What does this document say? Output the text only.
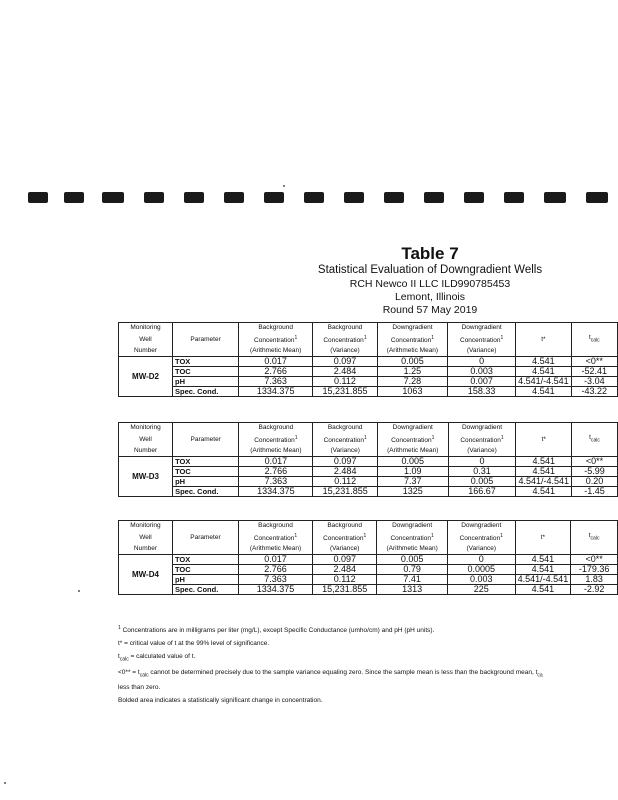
Table 7
Statistical Evaluation of Downgradient Wells
RCH Newco II LLC ILD990785453
Lemont, Illinois
Round 57 May 2019
Monitoring		Background	Background	Downgradient	Downgradient		
Well	Parameter	Concentration$^1$	Concentration$^1$	Concentration$^1$	Concentration$^1$	t*	$t_{calc}$
Number		(Arithmetic Mean)	(Variance)	(Arithmetic Mean)	(Variance)		
MW-D2	TOX	0.017	0.097	0.005	0	4.541	<0**
	TOC	2.766	2.484	1.25	0.003	4.541	-52.41
	pH	7.363	0.112	7.28	0.007	4.541/-4.541	-3.04
	Spec. Cond.	1334.375	15,231.855	1063	158.33	4.541	-43.22
Monitoring		Background	Background	Downgradient	Downgradient		
Well	Parameter	Concentration$^1$	Concentration$^1$	Concentration$^1$	Concentration$^1$	t*	$t_{calc}$
Number		(Arithmetic Mean)	(Variance)	(Arithmetic Mean)	(Variance)		
MW-D3	TOX	0.017	0.097	0.005	0	4.541	<0**
	TOC	2.766	2.484	1.09	0.31	4.541	-5.99
	pH	7.363	0.112	7.37	0.005	4.541/-4.541	0.20
	Spec. Cond.	1334.375	15,231.855	1325	166.67	4.541	-1.45
Monitoring		Background	Background	Downgradient	Downgradient		
Well	Parameter	Concentration$^1$	Concentration$^1$	Concentration$^1$	Concentration$^1$	t*	$t_{calc}$
Number		(Arithmetic Mean)	(Variance)	(Arithmetic Mean)	(Variance)		
MW-D4	TOX	0.017	0.097	0.005	0	4.541	<0**
	TOC	2.766	2.484	0.79	0.0005	4.541	-179.36
	pH	7.363	0.112	7.41	0.003	4.541/-4.541	1.83
	Spec. Cond.	1334.375	15,231.855	1313	225	4.541	-2.92
$^1$ Concentrations are in milligrams per liter (mg/L), except Specific Conductance (umho/cm) and pH (pH units).
t* = critical value of t at the 99% level of significance.
$t_{calc}$ = calculated value of t.
$<0** = t_{calc}$ cannot be determined precisely due to the sample variance equaling zero. Since the sample mean is less than the background mean, $t_{ca}$
less than zero.
Bolded area indicates a statistically significant change in concentration.
